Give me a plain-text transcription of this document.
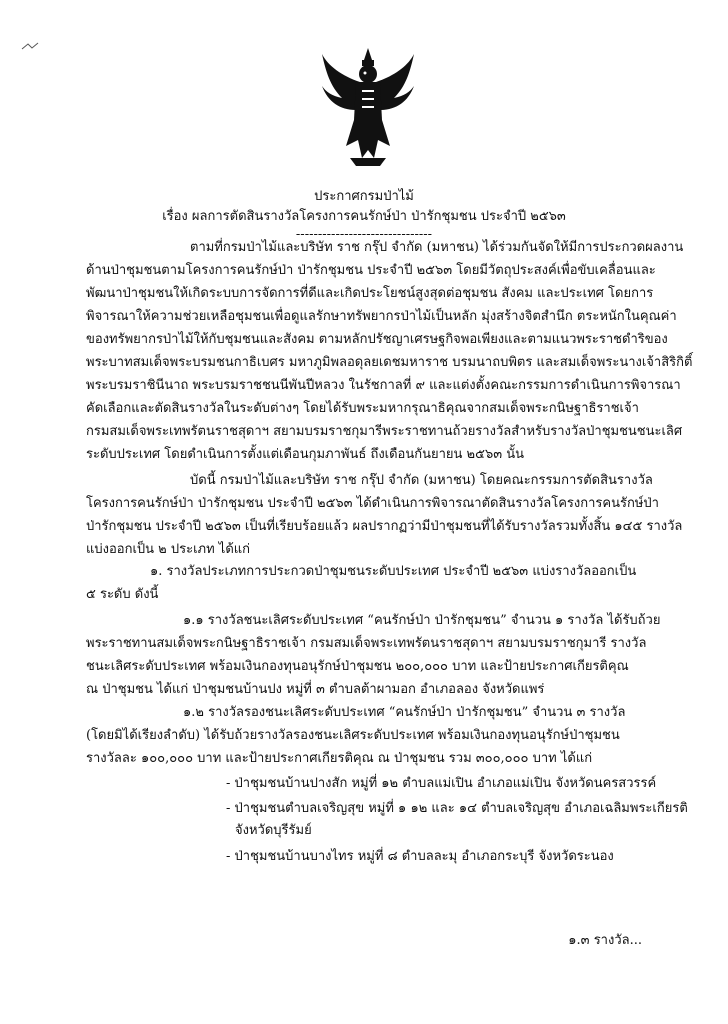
ประกาศกรมป่าไม้
เรื่อง ผลการตัดสินรางวัลโครงการคนรักษ์ป่า ป่ารักชุมชน ประจำปี ๒๕๖๓
-------------------------------
ตามที่กรมป่าไม้และบริษัท ราช กรุ๊ป จำกัด (มหาชน) ได้ร่วมกันจัดให้มีการประกวดผลงาน
ด้านป่าชุมชนตามโครงการคนรักษ์ป่า ป่ารักชุมชน ประจำปี ๒๕๖๓ โดยมีวัตถุประสงค์เพื่อขับเคลื่อนและ
พัฒนาป่าชุมชนให้เกิดระบบการจัดการที่ดีและเกิดประโยชน์สูงสุดต่อชุมชน สังคม และประเทศ โดยการ
พิจารณาให้ความช่วยเหลือชุมชนเพื่อดูแลรักษาทรัพยากรป่าไม้เป็นหลัก มุ่งสร้างจิตสำนึก ตระหนักในคุณค่า
ของทรัพยากรป่าไม้ให้กับชุมชนและสังคม ตามหลักปรัชญาเศรษฐกิจพอเพียงและตามแนวพระราชดำริของ
พระบาทสมเด็จพระบรมชนกาธิเบศร มหาภูมิพลอดุลยเดชมหาราช บรมนาถบพิตร และสมเด็จพระนางเจ้าสิริกิติ์
พระบรมราชินีนาถ พระบรมราชชนนีพันปีหลวง ในรัชกาลที่ ๙ และแต่งตั้งคณะกรรมการดำเนินการพิจารณา
คัดเลือกและตัดสินรางวัลในระดับต่างๆ โดยได้รับพระมหากรุณาธิคุณจากสมเด็จพระกนิษฐาธิราชเจ้า
กรมสมเด็จพระเทพรัตนราชสุดาฯ สยามบรมราชกุมารีพระราชทานถ้วยรางวัลสำหรับรางวัลป่าชุมชนชนะเลิศ
ระดับประเทศ โดยดำเนินการตั้งแต่เดือนกุมภาพันธ์ ถึงเดือนกันยายน ๒๕๖๓ นั้น
บัดนี้ กรมป่าไม้และบริษัท ราช กรุ๊ป จำกัด (มหาชน) โดยคณะกรรมการตัดสินรางวัล
โครงการคนรักษ์ป่า ป่ารักชุมชน ประจำปี ๒๕๖๓ ได้ดำเนินการพิจารณาตัดสินรางวัลโครงการคนรักษ์ป่า
ป่ารักชุมชน ประจำปี ๒๕๖๓ เป็นที่เรียบร้อยแล้ว ผลปรากฏว่ามีป่าชุมชนที่ได้รับรางวัลรวมทั้งสิ้น ๑๔๕ รางวัล
แบ่งออกเป็น ๒ ประเภท ได้แก่
๑. รางวัลประเภทการประกวดป่าชุมชนระดับประเทศ ประจำปี ๒๕๖๓ แบ่งรางวัลออกเป็น
๕ ระดับ ดังนี้
๑.๑ รางวัลชนะเลิศระดับประเทศ “คนรักษ์ป่า ป่ารักชุมชน” จำนวน ๑ รางวัล ได้รับถ้วย
พระราชทานสมเด็จพระกนิษฐาธิราชเจ้า กรมสมเด็จพระเทพรัตนราชสุดาฯ สยามบรมราชกุมารี รางวัล
ชนะเลิศระดับประเทศ พร้อมเงินกองทุนอนุรักษ์ป่าชุมชน ๒๐๐,๐๐๐ บาท และป้ายประกาศเกียรติคุณ
ณ ป่าชุมชน ได้แก่ ป่าชุมชนบ้านปง หมู่ที่ ๓ ตำบลต้าผามอก อำเภอลอง จังหวัดแพร่
๑.๒ รางวัลรองชนะเลิศระดับประเทศ “คนรักษ์ป่า ป่ารักชุมชน” จำนวน ๓ รางวัล
(โดยมิได้เรียงลำดับ) ได้รับถ้วยรางวัลรองชนะเลิศระดับประเทศ พร้อมเงินกองทุนอนุรักษ์ป่าชุมชน
รางวัลละ ๑๐๐,๐๐๐ บาท และป้ายประกาศเกียรติคุณ ณ ป่าชุมชน รวม ๓๐๐,๐๐๐ บาท ได้แก่
- ป่าชุมชนบ้านปางสัก หมู่ที่ ๑๒ ตำบลแม่เปิน อำเภอแม่เปิน จังหวัดนครสวรรค์
- ป่าชุมชนตำบลเจริญสุข หมู่ที่ ๑ ๑๒ และ ๑๔ ตำบลเจริญสุข อำเภอเฉลิมพระเกียรติ
จังหวัดบุรีรัมย์
- ป่าชุมชนบ้านบางไทร หมู่ที่ ๘ ตำบลละมุ อำเภอกระบุรี จังหวัดระนอง
๑.๓ รางวัล...
